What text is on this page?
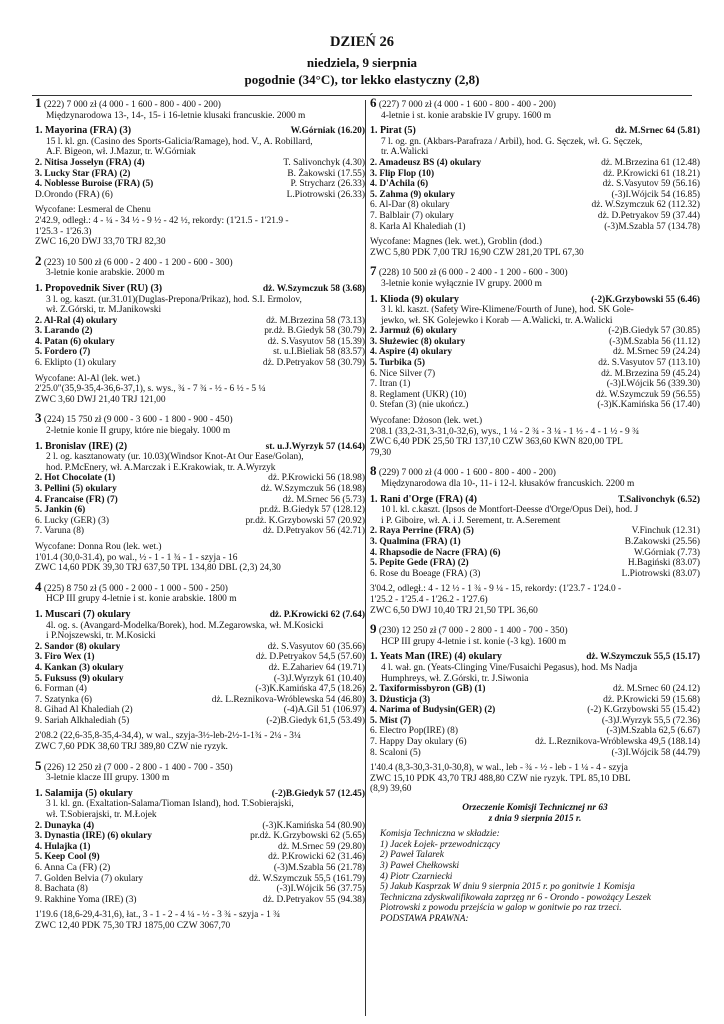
DZIEŃ 26
niedziela, 9 sierpnia
pogodnie (34°C), tor lekko elastyczny (2,8)
1 (222) 7 000 zł (4 000 - 1 600 - 800 - 400 - 200)
Międzynarodowa 13-, 14-, 15- i 16-letnie klusaki francuskie. 2000 m
1. Mayorina (FRA) (3)	W.Górniak (16.20)
15 l. kl. gn. (Casino des Sports-Galicia/Ramage), hod. V., A. Robillard,
A.F. Bigeon, wł. J.Mazur, tr. W.Górniak
2. Nitisa Josselyn (FRA) (4)	T. Salivonchyk (4.30)
3. Lucky Star (FRA) (2)	B. Żakowski (17.55)
4. Noblesse Buroise (FRA) (5)	P. Strycharz (26.33)
D.Orondo (FRA) (6)	L.Piotrowski (26.33)
Wycofane: Lesmeral de Chenu
2'42.9, odległ.: 4 - ¼ - 34 ½ - 9 ½ - 42 ½, rekordy: (1'21.5 - 1'21.9 -
1'25.3 - 1'26.3)
ZWC 16,20 DWJ 33,70 TRJ 82,30
2 (223) 10 500 zł (6 000 - 2 400 - 1 200 - 600 - 300)
3-letnie konie arabskie. 2000 m
1. Propovednik Siver (RU) (3)	dż. W.Szymczuk 58 (3.68)
3 l. og. kaszt. (ur.31.01)(Duglas-Prepona/Prikaz), hod. S.I. Ermolov,
wł. Z.Górski, tr. M.Janikowski
2. Al-Ral (4) okulary	dż. M.Brzezina 58 (73.13)
3. Larando (2)	pr.dż. B.Giedyk 58 (30.79)
4. Patan (6) okulary	dż. S.Vasyutov 58 (15.39)
5. Fordero (7)	st. u.I.Bieliak 58 (83.57)
6. Eklipto (1) okulary	dż. D.Petryakov 58 (30.79)
Wycofane: Al-Al (lek. wet.)
2'25.0"(35,9-35,4-36,6-37,1), s. wys., ¾ - 7 ¾ - ½ - 6 ½ - 5 ¼
ZWC 3,60 DWJ 21,40 TRJ 121,00
3 (224) 15 750 zł (9 000 - 3 600 - 1 800 - 900 - 450)
2-letnie konie II grupy, które nie biegały. 1000 m
1. Bronislav (IRE) (2)	st. u.J.Wyrzyk 57 (14.64)
2 l. og. kasztanowaty (ur. 10.03)(Windsor Knot-At Our Ease/Golan),
hod. P.McEnery, wł. A.Marczak i E.Krakowiak, tr. A.Wyrzyk
2. Hot Chocolate (1)	dż. P.Krowicki 56 (18.98)
3. Pellini (5) okulary	dż. W.Szymczuk 56 (18.98)
4. Francaise (FR) (7)	dż. M.Srnec 56 (5.73)
5. Jankin (6)	pr.dż. B.Giedyk 57 (128.12)
6. Lucky (GER) (3)	pr.dż. K.Grzybowski 57 (20.92)
7. Varuna (8)	dż. D.Petryakov 56 (42.71)
Wycofane: Donna Rou (lek. wet.)
1'01.4 (30,0-31.4), po wal., ½ - 1 - 1 ¾ - 1 - szyja - 16
ZWC 14,60 PDK 39,30 TRJ 637,50 TPL 134,80 DBL (2,3) 24,30
4 (225) 8 750 zł (5 000 - 2 000 - 1 000 - 500 - 250)
HCP III grupy 4-letnie i st. konie arabskie. 1800 m
1. Muscari (7) okulary	dż. P.Krowicki 62 (7.64)
4l. og. s. (Avangard-Modelka/Borek), hod. M.Zegarowska, wł. M.Kosicki
i P.Nojszewski, tr. M.Kosicki
2. Sandor (8) okulary	dż. S.Vasyutov 60 (35.66)
3. Firo Wex (1)	dż. D.Petryakov 54,5 (57.60)
4. Kankan (3) okulary	dż. E.Zahariev 64 (19.71)
5. Fuksuss (9) okulary	(-3)J.Wyrzyk 61 (10.40)
6. Forman (4)	(-3)K.Kamińska 47,5 (18.26)
7. Szatynka (6)	dż. L.Reznikova-Wróblewska 54 (46.80)
8. Gihad Al Khalediah (2)	(-4)A.Gil 51 (106.97)
9. Sariah Alkhalediah (5)	(-2)B.Giedyk 61,5 (53.49)
2'08.2 (22,6-35,8-35,4-34,4), w wal., szyja-3½-leb-2½-1-1¾ - 2¼ - 3¼
ZWC 7,60 PDK 38,60 TRJ 389,80 CZW nie ryzyk.
5 (226) 12 250 zł (7 000 - 2 800 - 1 400 - 700 - 350)
3-letnie klacze III grupy. 1300 m
1. Salamija (5) okulary	(-2)B.Giedyk 57 (12.45)
3 l. kl. gn. (Exaltation-Salama/Tioman Island), hod. T.Sobierajski,
wł. T.Sobierajski, tr. M.Łojek
2. Dunayka (4)	(-3)K.Kamińska 54 (80.90)
3. Dynastia (IRE) (6) okulary	pr.dż. K.Grzybowski 62 (5.65)
4. Hulajka (1)	dż. M.Srnec 59 (29.80)
5. Keep Cool (9)	dż. P.Krowicki 62 (31.46)
6. Anna Ca (FR) (2)	(-3)M.Szabla 56 (21.78)
7. Golden Belvia (7) okulary	dż. W.Szymczuk 55,5 (161.79)
8. Bachata (8)	(-3)I.Wójcik 56 (37.75)
9. Rakhine Yoma (IRE) (3)	dż. D.Petryakov 55 (94.38)
1'19.6 (18,6-29,4-31,6), łat., 3 - 1 - 2 - 4 ¼ - ½ - 3 ¾ - szyja - 1 ¾
ZWC 12,40 PDK 75,30 TRJ 1875,00 CZW 3067,70
6 (227) 7 000 zł (4 000 - 1 600 - 800 - 400 - 200)
4-letnie i st. konie arabskie IV grupy. 1600 m
1. Pirat (5)	dż. M.Srnec 64 (5.81)
7 l. og. gn. (Akbars-Parafraza / Arbil), hod. G. Sęczek, wł. G. Sęczek,
tr. A.Walicki
2. Amadeusz BS (4) okulary	dż. M.Brzezina 61 (12.48)
3. Flip Flop (10)	dż. P.Krowicki 61 (18.21)
4. D'Achila (6)	dż. S.Vasyutov 59 (56.16)
5. Zahma (9) okulary	(-3)I.Wójcik 54 (16.85)
6. Al-Dar (8) okulary	dż. W.Szymczuk 62 (112.32)
7. Balblair (7) okulary	dż. D.Petryakov 59 (37.44)
8. Karla Al Khalediah (1)	(-3)M.Szabla 57 (134.78)
Wycofane: Magnes (lek. wet.), Groblin (dod.)
ZWC 5,80 PDK 7,00 TRJ 16,90 CZW 281,20 TPL 67,30
7 (228) 10 500 zł (6 000 - 2 400 - 1 200 - 600 - 300)
3-letnie konie wyłącznie IV grupy. 2000 m
1. Klioda (9) okulary	(-2)K.Grzybowski 55 (6.46)
3 l. kl. kaszt. (Safety Wire-Klimene/Fourth of June), hod. SK Gole-
jewko, wł. SK Golejewko i Korab — A.Walicki, tr. A.Walicki
2. Jarmuż (6) okulary	(-2)B.Giedyk 57 (30.85)
3. Służewiec (8) okulary	(-3)M.Szabla 56 (11.12)
4. Aspire (4) okulary	dż. M.Srnec 59 (24.24)
5. Turbika (5)	dż. S.Vasyutov 57 (113.10)
6. Nice Silver (7)	dż. M.Brzezina 59 (45.24)
7. Itran (1)	(-3)I.Wójcik 56 (339.30)
8. Reglament (UKR) (10)	dż. W.Szymczuk 59 (56.55)
0. Stefan (3) (nie ukończ.)	(-3)K.Kamińska 56 (17.40)
Wycofane: Dżoson (lek. wet.)
2'08.1 (33,2-31,3-31,0-32,6), wys., 1 ¼ - 2 ¾ - 3 ¼ - 1 ½ - 4 - 1 ½ - 9 ¾
ZWC 6,40 PDK 25,50 TRJ 137,10 CZW 363,60 KWN 820,00 TPL
79,30
8 (229) 7 000 zł (4 000 - 1 600 - 800 - 400 - 200)
Międzynarodowa dla 10-, 11- i 12-l. kłusaków francuskich. 2200 m
1. Rani d'Orge (FRA) (4)	T.Salivonchyk (6.52)
10 l. kl. c.kaszt. (Ipsos de Montfort-Deesse d'Orge/Opus Dei), hod. J
i P. Giboire, wł. A. i J. Serement, tr. A.Serement
2. Raya Perrine (FRA) (5)	V.Finchuk (12.31)
3. Qualmina (FRA) (1)	B.Zakowski (25.56)
4. Rhapsodie de Nacre (FRA) (6)	W.Górniak (7.73)
5. Pepite Gede (FRA) (2)	H.Bagiński (83.07)
6. Rose du Boeage (FRA) (3)	L.Piotrowski (83.07)
3'04.2, odległ.: 4 - 12 ½ - 1 ¾ - 9 ¼ - 15, rekordy: (1'23.7 - 1'24.0 -
1'25.2 - 1'25.4 - 1'26.2 - 1'27.6)
ZWC 6,50 DWJ 10,40 TRJ 21,50 TPL 36,60
9 (230) 12 250 zł (7 000 - 2 800 - 1 400 - 700 - 350)
HCP III grupy 4-letnie i st. konie (-3 kg). 1600 m
1. Yeats Man (IRE) (4) okulary	dż. W.Szymczuk 55,5 (15.17)
4 l. wał. gn. (Yeats-Clinging Vine/Fusaichi Pegasus), hod. Ms Nadja
Humphreys, wł. Z.Górski, tr. J.Siwonia
2. Taxiformissbyron (GB) (1)	dż. M.Srnec 60 (24.12)
3. Dżusticja (3)	dż. P.Krowicki 59 (15.68)
4. Narima of Budysin(GER) (2)	(-2) K.Grzybowski 55 (15.42)
5. Mist (7)	(-3)J.Wyrzyk 55,5 (72.36)
6. Electro Pop(IRE) (8)	(-3)M.Szabla 62,5 (6.67)
7. Happy Day okulary (6)	dż. L.Reznikova-Wróblewska 49,5 (188.14)
8. Scaloni (5)	(-3)I.Wójcik 58 (44.79)
1'40.4 (8,3-30,3-31,0-30,8), w wal., leb - ¾ - ½ - leb - 1 ¼ - 4 - szyja
ZWC 15,10 PDK 43,70 TRJ 488,80 CZW nie ryzyk. TPL 85,10 DBL
(8,9) 39,60
Orzeczenie Komisji Technicznej nr 63
z dnia 9 sierpnia 2015 r.

Komisja Techniczna w składzie:

1) Jacek Łojek- przewodniczący

2) Paweł Talarek

3) Paweł Chełkowski

4) Piotr Czarniecki

5) Jakub Kasprzak W dniu 9 sierpnia 2015 r. po gonitwie 1 Komisja

Techniczna zdyskwalifikowała zaprzęg nr 6 - Orondo - powożący Leszek

Piotrowski z powodu przejścia w galop w gonitwie po raz trzeci.

PODSTAWA PRAWNA:
